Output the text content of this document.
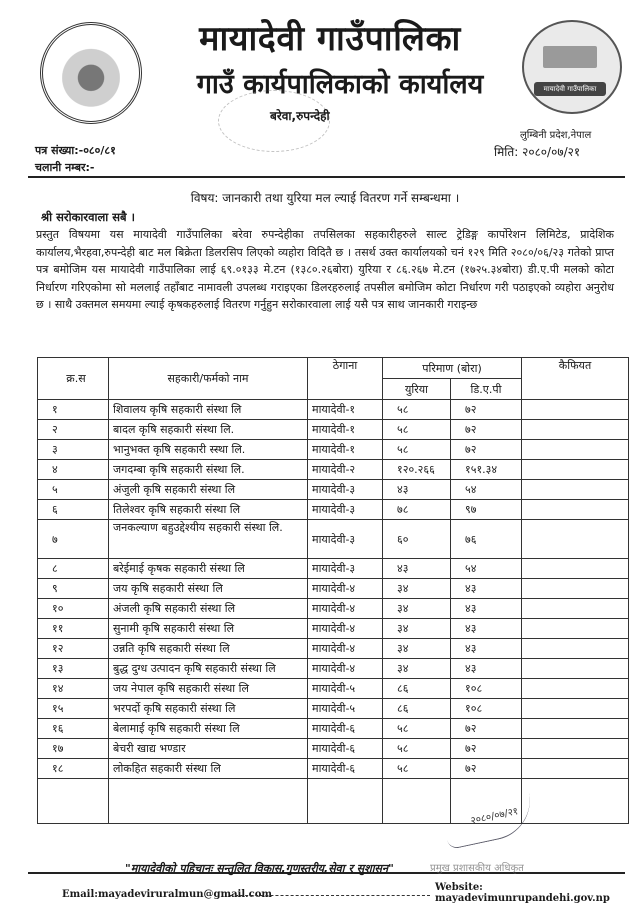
मायादेवी गाउँपालिका
गाउँ कार्यपालिकाको कार्यालय
बरेवा,रुपन्देही
मायादेवी गाउँपालिका
लुम्बिनी प्रदेश,नेपाल
पत्र संख्या:-०८०/८१
चलानी नम्बर:-
मिति: २०८०/०७/२१
विषय: जानकारी तथा युरिया मल ल्याई वितरण गर्ने सम्बन्धमा ।
श्री सरोकारवाला सबै ।
प्रस्तुत विषयमा यस मायादेवी गाउँपालिका बरेवा रुपन्देहीका तपसिलका सहकारीहरुले साल्ट ट्रेडिङ्ग कार्पोरेशन लिमिटेड, प्रादेशिक कार्यालय,भैरहवा,रुपन्देही बाट मल बिक्रेता डिलरसिप लिएको व्यहोरा विदितै छ । तसर्थ उक्त कार्यालयको चनं १२९ मिति २०८०/०६/२३ गतेको प्राप्त पत्र बमोजिम यस मायादेवी गाउँपालिका लाई ६९.०१३३ मे.टन (१३८०.२६बोरा) युरिया र ८६.२६७ मे.टन (१७२५.३४बोरा) डी.ए.पी मलको कोटा निर्धारण गरिएकोमा सो मललाई तहाँबाट नामावली उपलब्ध गराइएका डिलरहरुलाई तपसील बमोजिम कोटा निर्धारण गरी पठाइएको व्यहोरा अनुरोध छ । साथै उक्तमल समयमा ल्याई कृषकहरुलाई वितरण गर्नुहुन सरोकारवाला लाई यसै पत्र साथ जानकारी गराइन्छ
क्र.स	सहकारी/फर्मको नाम	ठेगाना	परिमाण (बोरा)		कैफियत
			युरिया	डि.ए.पी	
१	शिवालय कृषि सहकारी संस्था लि	मायादेवी-१	५८	७२	
२	बादल कृषि सहकारी संस्था लि.	मायादेवी-१	५८	७२	
३	भानुभक्त कृषि सहकारी स्स्था लि.	मायादेवी-१	५८	७२	
४	जगदम्बा कृषि सहकारी संस्था लि.	मायादेवी-२	१२०.२६६	१५१.३४	
५	अंजुली कृषि सहकारी संस्था लि	मायादेवी-३	४३	५४	
६	तिलेश्वर कृषि सहकारी संस्था लि	मायादेवी-३	७८	९७	
७	जनकल्याण बहुउद्देश्यीय सहकारी संस्था लि.	मायादेवी-३	६०	७६	
८	बरेईमाई कृषक सहकारी संस्था लि	मायादेवी-३	४३	५४	
९	जय कृषि सहकारी संस्था लि	मायादेवी-४	३४	४३	
१०	अंजली कृषि सहकारी संस्था लि	मायादेवी-४	३४	४३	
११	सुनामी कृषि सहकारी संस्था लि	मायादेवी-४	३४	४३	
१२	उन्नति कृषि सहकारी संस्था लि	मायादेवी-४	३४	४३	
१३	बुद्ध दुग्ध उत्पादन कृषि सहकारी संस्था लि	मायादेवी-४	३४	४३	
१४	जय नेपाल कृषि सहकारी संस्था लि	मायादेवी-५	८६	१०८	
१५	भरपर्दो कृषि सहकारी संस्था लि	मायादेवी-५	८६	१०८	
१६	बेलामाई कृषि सहकारी संस्था लि	मायादेवी-६	५८	७२	
१७	बेचरी खाद्य भण्डार	मायादेवी-६	५८	७२	
१८	लोकहित सहकारी संस्था लि	मायादेवी-६	५८	७२	

२०८०/०७/२१
"मायादेवीको पहिचानः सन्तुलित विकास,गुणस्तरीय,सेवा र सुशासन"	प्रमुख प्रशासकीय अधिकृत
Email:mayadeviruralmun@gmail.com
Website: mayadevimunrupandehi.gov.np
